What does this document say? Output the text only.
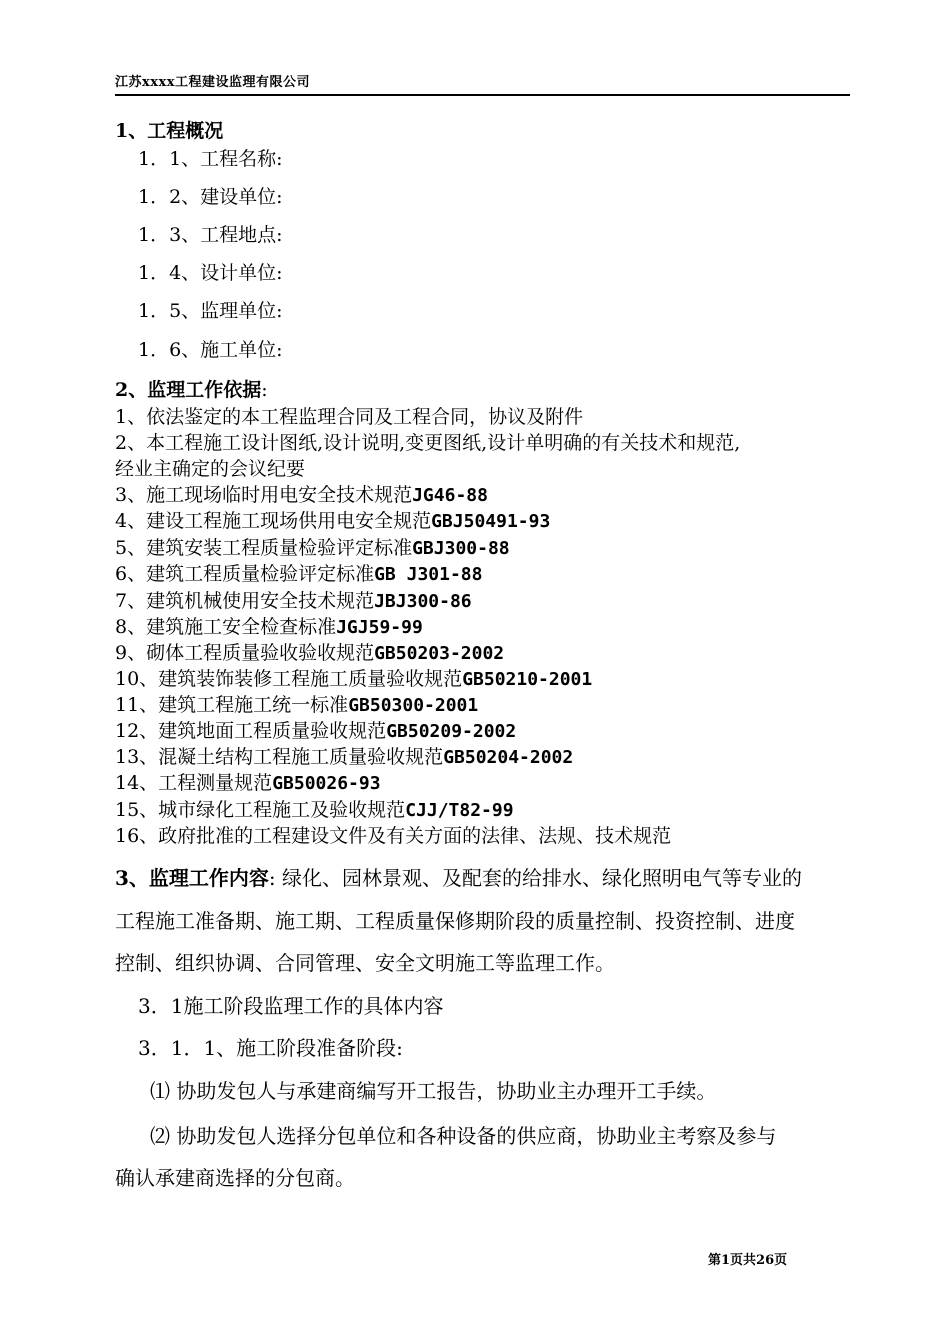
江苏xxxx工程建设监理有限公司
1、工程概况
1．1、工程名称:
1．2、建设单位:
1．3、工程地点:
1．4、设计单位:
1．5、监理单位:
1．6、施工单位:
2、监理工作依据:
1、依法鉴定的本工程监理合同及工程合同，协议及附件
2、本工程施工设计图纸,设计说明,变更图纸,设计单明确的有关技术和规范,
经业主确定的会议纪要
3、施工现场临时用电安全技术规范JG46-88
4、建设工程施工现场供用电安全规范GBJ50491-93
5、建筑安装工程质量检验评定标准GBJ300-88
6、建筑工程质量检验评定标准GB J301-88
7、建筑机械使用安全技术规范JBJ300-86
8、建筑施工安全检查标准JGJ59-99
9、砌体工程质量验收验收规范GB50203-2002
10、建筑装饰装修工程施工质量验收规范GB50210-2001
11、建筑工程施工统一标准GB50300-2001
12、建筑地面工程质量验收规范GB50209-2002
13、混凝土结构工程施工质量验收规范GB50204-2002
14、工程测量规范GB50026-93
15、城市绿化工程施工及验收规范CJJ/T82-99
16、政府批准的工程建设文件及有关方面的法律、法规、技术规范
3、监理工作内容: 绿化、园林景观、及配套的给排水、绿化照明电气等专业的
工程施工准备期、施工期、工程质量保修期阶段的质量控制、投资控制、进度
控制、组织协调、合同管理、安全文明施工等监理工作。
3．1施工阶段监理工作的具体内容
3．1．1、施工阶段准备阶段:
⑴ 协助发包人与承建商编写开工报告，协助业主办理开工手续。
⑵ 协助发包人选择分包单位和各种设备的供应商，协助业主考察及参与
确认承建商选择的分包商。
第1页共26页
